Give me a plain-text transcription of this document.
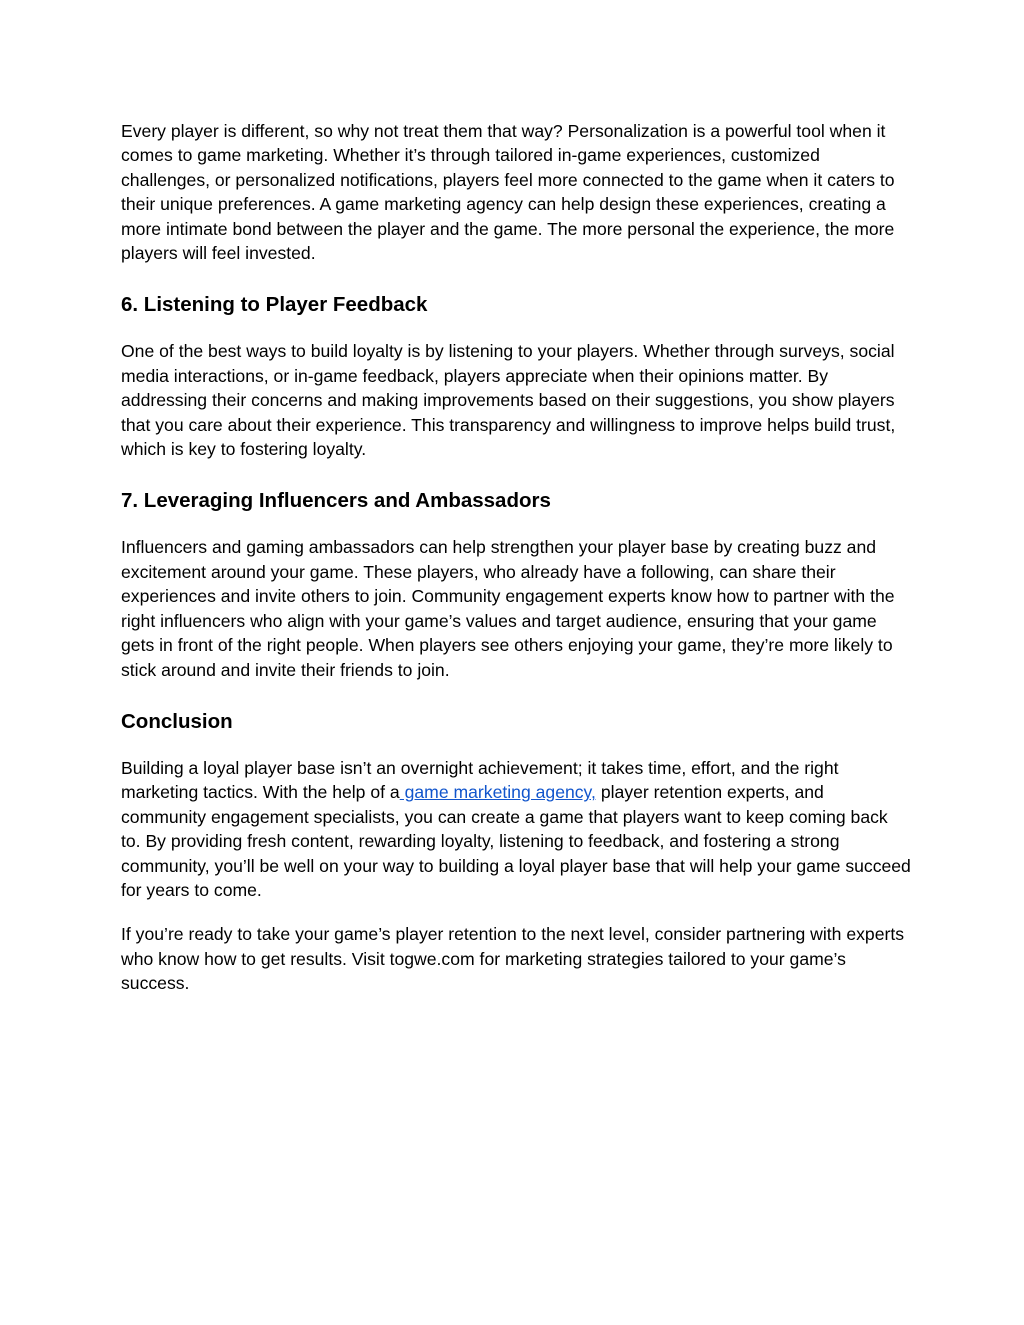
Every player is different, so why not treat them that way? Personalization is a powerful tool when it comes to game marketing. Whether it’s through tailored in-game experiences, customized challenges, or personalized notifications, players feel more connected to the game when it caters to their unique preferences. A game marketing agency can help design these experiences, creating a more intimate bond between the player and the game. The more personal the experience, the more players will feel invested.

6. Listening to Player Feedback

One of the best ways to build loyalty is by listening to your players. Whether through surveys, social media interactions, or in-game feedback, players appreciate when their opinions matter. By addressing their concerns and making improvements based on their suggestions, you show players that you care about their experience. This transparency and willingness to improve helps build trust, which is key to fostering loyalty.

7. Leveraging Influencers and Ambassadors

Influencers and gaming ambassadors can help strengthen your player base by creating buzz and excitement around your game. These players, who already have a following, can share their experiences and invite others to join. Community engagement experts know how to partner with the right influencers who align with your game’s values and target audience, ensuring that your game gets in front of the right people. When players see others enjoying your game, they’re more likely to stick around and invite their friends to join.

Conclusion

Building a loyal player base isn’t an overnight achievement; it takes time, effort, and the right marketing tactics. With the help of a game marketing agency, player retention experts, and community engagement specialists, you can create a game that players want to keep coming back to. By providing fresh content, rewarding loyalty, listening to feedback, and fostering a strong community, you’ll be well on your way to building a loyal player base that will help your game succeed for years to come.

If you’re ready to take your game’s player retention to the next level, consider partnering with experts who know how to get results. Visit togwe.com for marketing strategies tailored to your game’s success.
